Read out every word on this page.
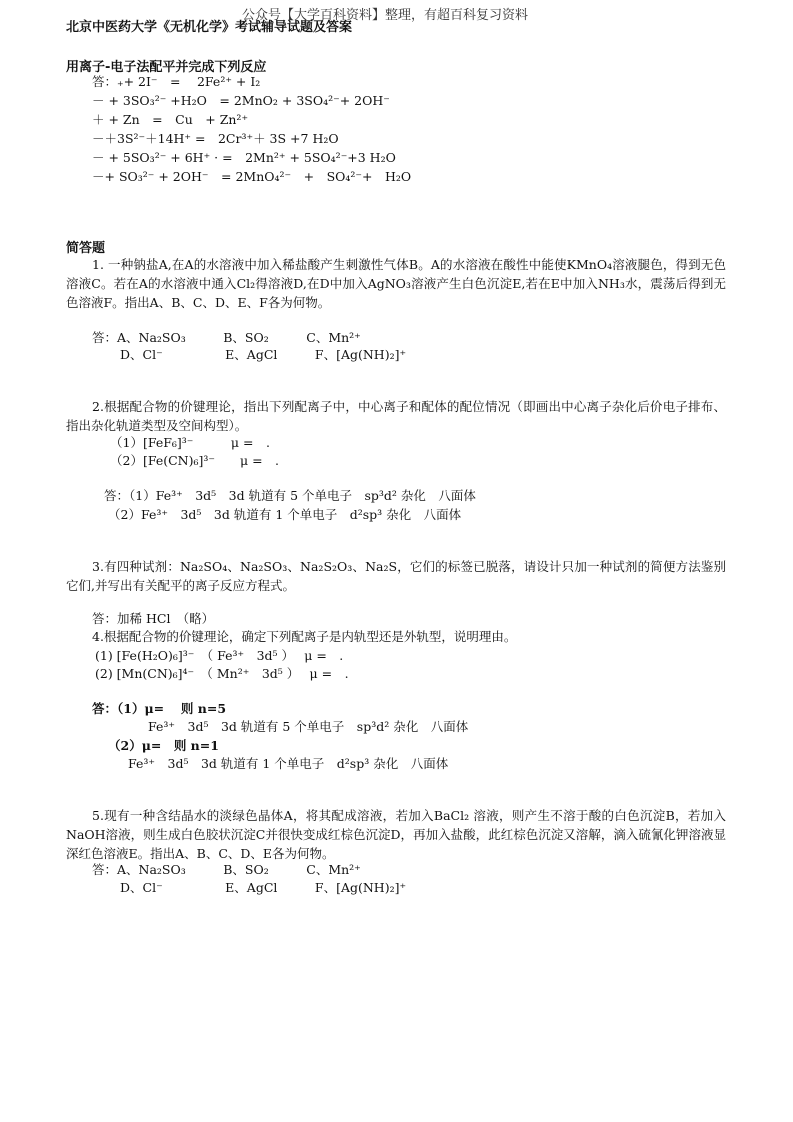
公众号【大学百科资料】整理，有超百科复习资料
北京中医药大学《无机化学》考试辅导试题及答案
用离子-电子法配平并完成下列反应
答：₊+ 2I⁻　=　 2Fe²⁺ + I₂
－ + 3SO₃²⁻ +H₂O　= 2MnO₂ + 3SO₄²⁻+ 2OH⁻
＋ + Zn　=　Cu　+ Zn²⁺
－＋3S²⁻＋14H⁺ =　2Cr³⁺＋ 3S +7 H₂O
－ + 5SO₃²⁻ + 6H⁺ · =　2Mn²⁺ + 5SO₄²⁻+3 H₂O
－+ SO₃²⁻ + 2OH⁻　= 2MnO₄²⁻　+　SO₄²⁻+　H₂O
简答题
1. 一种钠盐A,在A的水溶液中加入稀盐酸产生刺激性气体B。A的水溶液在酸性中能使KMnO₄溶液腿色，得到无色溶液C。若在A的水溶液中通入Cl₂得溶液D,在D中加入AgNO₃溶液产生白色沉淀E,若在E中加入NH₃水，震荡后得到无色溶液F。指出A、B、C、D、E、F各为何物。
答：A、Na₂SO₃　　　B、SO₂　　　C、Mn²⁺
D、Cl⁻　　　　　E、AgCl　　　F、[Ag(NH)₂]⁺
2.根据配合物的价键理论，指出下列配离子中，中心离子和配体的配位情况（即画出中心离子杂化后价电子排布、指出杂化轨道类型及空间构型）。
（1）[FeF₆]³⁻　　　μ =　.
（2）[Fe(CN)₆]³⁻　　μ =　.
答：（1）Fe³⁺　3d⁵　3d 轨道有 5 个单电子　sp³d² 杂化　八面体
（2）Fe³⁺　3d⁵　3d 轨道有 1 个单电子　d²sp³ 杂化　八面体
3.有四种试剂：Na₂SO₄、Na₂SO₃、Na₂S₂O₃、Na₂S，它们的标签已脱落，请设计只加一种试剂的简便方法鉴别它们,并写出有关配平的离子反应方程式。
答：加稀 HCl　（略）
4.根据配合物的价键理论，确定下列配离子是内轨型还是外轨型，说明理由。
(1) [Fe(H₂O)₆]³⁻　（ Fe³⁺　3d⁵ ）　 μ =　.
(2) [Mn(CN)₆]⁴⁻　（ Mn²⁺　3d⁵ ）　 μ =　.
答：（1）μ=　 则 n=5
Fe³⁺　3d⁵　3d 轨道有 5 个单电子　sp³d² 杂化　八面体
（2）μ=　则 n=1
Fe³⁺　3d⁵　3d 轨道有 1 个单电子　d²sp³ 杂化　八面体
5.现有一种含结晶水的淡绿色晶体A，将其配成溶液，若加入BaCl₂ 溶液，则产生不溶于酸的白色沉淀B，若加入NaOH溶液，则生成白色胶状沉淀C并很快变成红棕色沉淀D，再加入盐酸，此红棕色沉淀又溶解，滴入硫氰化钾溶液显深红色溶液E。指出A、B、C、D、E各为何物。
答：A、Na₂SO₃　　　B、SO₂　　　C、Mn²⁺
D、Cl⁻　　　　　E、AgCl　　　F、[Ag(NH)₂]⁺
